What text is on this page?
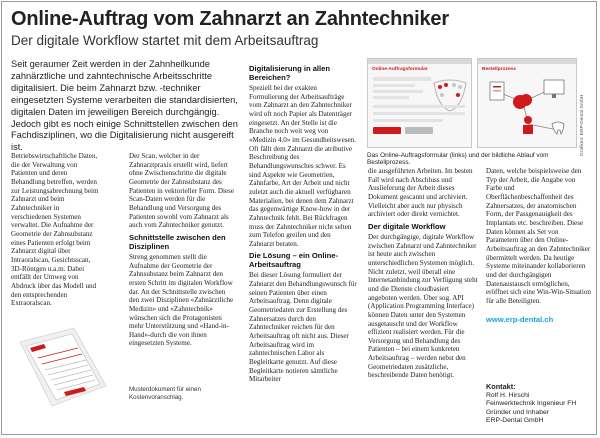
Online-Auftrag vom Zahnarzt an Zahntechniker
Der digitale Workflow startet mit dem Arbeitsauftrag

Seit geraumer Zeit werden in der Zahnheilkunde zahnärztliche und zahntechnische Arbeitsschritte digitalisiert. Die beim Zahnarzt bzw. -techniker eingesetzten Systeme verarbeiten die standardisierten, digitalen Daten im jeweiligen Bereich durchgängig. Jedoch gibt es noch einige Schnittstellen zwischen den Fachdisziplinen, wo die Digitalisierung nicht ausgereift ist.

Betriebswirtschaftliche Daten, die der Verwaltung von Patienten und deren Behandlung betreffen, werden zur Leistungsabrechnung beim Zahnarzt und beim Zahntechniker in verschiedenen Systemen verwaltet. Die Aufnahme der Geometrie der Zahnsubstanz eines Patienten erfolgt beim Zahnarzt digital über Intraoralscan, Gesichtsscan, 3D-Röntgen u.a.m. Dabei entfällt der Umweg von Abdruck über das Modell und den entsprechenden Extraoralscan.

Der Scan, welcher in der Zahnarztpraxis erstellt wird, liefert ohne Zwischenschritte die digitale Geometrie der Zahnsubstanz des Patienten in vektorieller Form. Diese Scan-Daten werden für die Behandlung und Versorgung des Patienten sowohl vom Zahnarzt als auch vom Zahntechniker genutzt.

Schnittstelle zwischen den Disziplinen

Streng genommen stellt die Aufnahme der Geometrie der Zahnsubstanz beim Zahnarzt den ersten Schritt im digitalen Workflow dar. An der Schnittstelle zwischen den zwei Disziplinen «Zahnärztliche Medizin» und «Zahntechnik» wünschen sich die Protagonisten mehr Unterstützung und «Hand-in-Hand»-durch die von ihnen eingesetzten Systeme.

Digitalisierung in allen Bereichen?

Speziell bei der exakten Formulierung der Arbeitsaufträge vom Zahnarzt an den Zahntechniker wird oft noch Papier als Datenträger eingesetzt. An der Stelle ist die Branche noch weit weg von «Medizin 4.0» im Gesundheitswesen. Oft fällt dem Zahnarzt die atributive Beschreibung des Behandlungswunsches schwer. Es sind Aspekte wie Geometrien, Zahnfarbe, Art der Arbeit und nicht zuletzt auch die aktuell verfügbaren Materialien, bei denen dem Zahnarzt das gegenwärtige Know-how in der Zahntechnik fehlt. Bei Rückfragen muss der Zahntechniker nicht selten zum Telefon greifen und den Zahnarzt beraten.

Die Lösung – ein Online-Arbeitsauftrag

Bei dieser Lösung formuliert der Zahnarzt den Behandlungswunsch für seinen Patienten über einen Arbeitsauftrag. Denn digitale Geometriedaten zur Erstellung des Zahnersatzes durch den Zahntechniker reichen für den Arbeitsauftrag oft nicht aus. Dieser Arbeitsauftrag wird im zahntechnischen Labor als Begleitkarte genutzt. Auf diese Begleitkarte notieren sämtliche Mitarbeiter

Online-Auftragsformular	Bestellprozess
Grafiken: ERP-Dental GmbH
Das Online-Auftragsformular (links) und der bildliche Ablauf vom Bestellprozess.

die ausgeführten Arbeiten. Im besten Fall wird nach Abschluss und Auslieferung der Arbeit dieses Dokument gescannt und archiviert. Vielleicht aber auch nur physisch archiviert oder direkt vernichtet.

Der digitale Workflow

Der durchgängige, digitale Workflow zwischen Zahnarzt und Zahntechniker ist heute auch zwischen unterschiedlichen Systemen möglich. Nicht zuletzt, weil überall eine Internetanbindung zur Verfügung steht und die Dienste cloudbasiert angeboten werden. Über sog. API (Application Programming Interface) können Daten unter den Systemen ausgetauscht und der Workflow effizient realisiert werden. Für die Versorgung und Behandlung des Patienten – bei einem konkreten Arbeitsauftrag – werden nebst den Geometriedaten zusätzliche, beschreibende Daten benötigt.

Daten, welche beispielsweise den Typ der Arbeit, die Angabe von Farbe und Oberflächenbeschaffenheit des Zahnersatzes, der anatomischen Form, der Passgenauigkeit des Implantats etc. beschreiben. Diese Daten können als Set von Parametern über den Online-Arbeitsauftrag an den Zahntechniker übermittelt werden. Da heutige Systeme miteinander kollaborieren und der durchgängigen Datenaustausch ermöglichen, eröffnet sich eine Win-Win-Situation für alle Beteiligten.

www.erp-dental.ch
Kontakt:
Rolf H. Hirschi
Feinwerktechnik Ingenieur FH
Gründer und Inhaber
ERP-Dental GmbH
Musterdokument für einen Kostenvoranschlag.
